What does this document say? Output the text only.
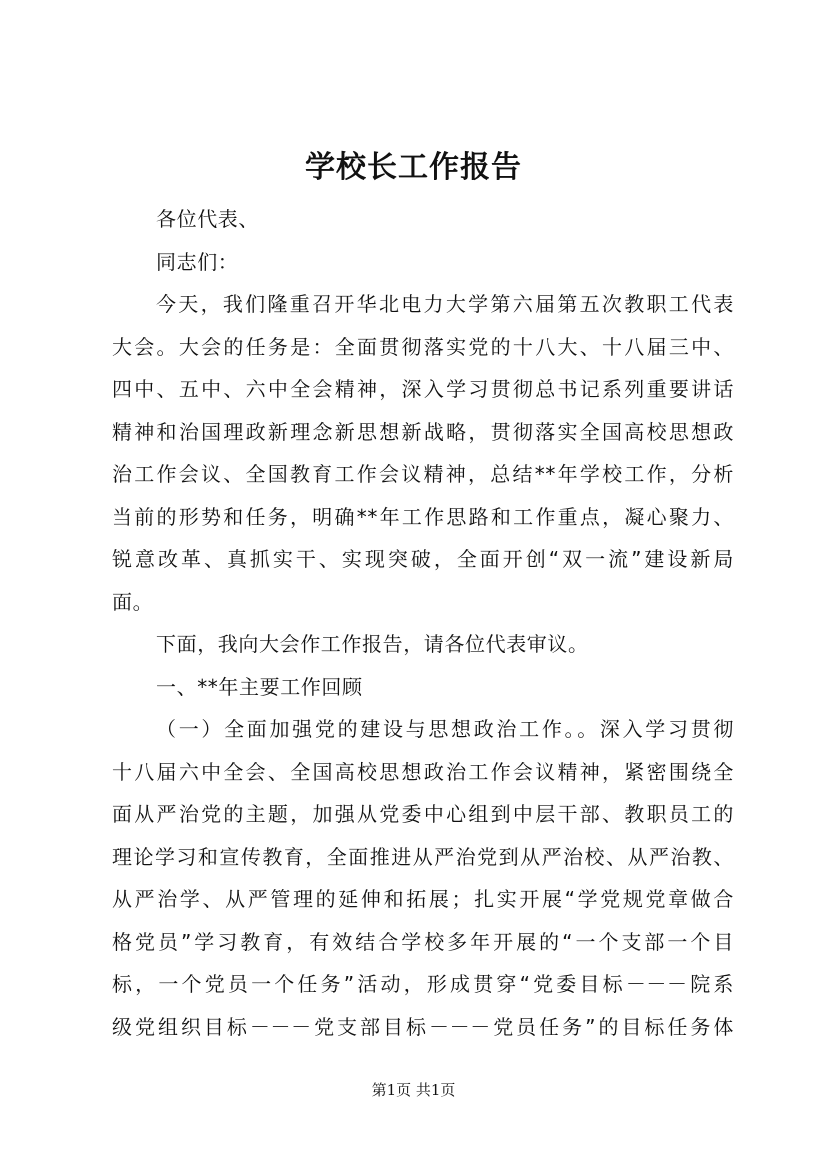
学校长工作报告
各位代表、
同志们：
今天，我们隆重召开华北电力大学第六届第五次教职工代表
大会。大会的任务是：全面贯彻落实党的十八大、十八届三中、
四中、五中、六中全会精神，深入学习贯彻总书记系列重要讲话
精神和治国理政新理念新思想新战略，贯彻落实全国高校思想政
治工作会议、全国教育工作会议精神，总结**年学校工作，分析
当前的形势和任务，明确**年工作思路和工作重点，凝心聚力、
锐意改革、真抓实干、实现突破，全面开创“双一流”建设新局
面。
下面，我向大会作工作报告，请各位代表审议。
一、**年主要工作回顾
（一）全面加强党的建设与思想政治工作。。深入学习贯彻
十八届六中全会、全国高校思想政治工作会议精神，紧密围绕全
面从严治党的主题，加强从党委中心组到中层干部、教职员工的
理论学习和宣传教育，全面推进从严治党到从严治校、从严治教、
从严治学、从严管理的延伸和拓展；扎实开展“学党规党章做合
格党员”学习教育，有效结合学校多年开展的“一个支部一个目
标，一个党员一个任务”活动，形成贯穿“党委目标－－－院系
级党组织目标－－－党支部目标－－－党员任务”的目标任务体
第1页 共1页
